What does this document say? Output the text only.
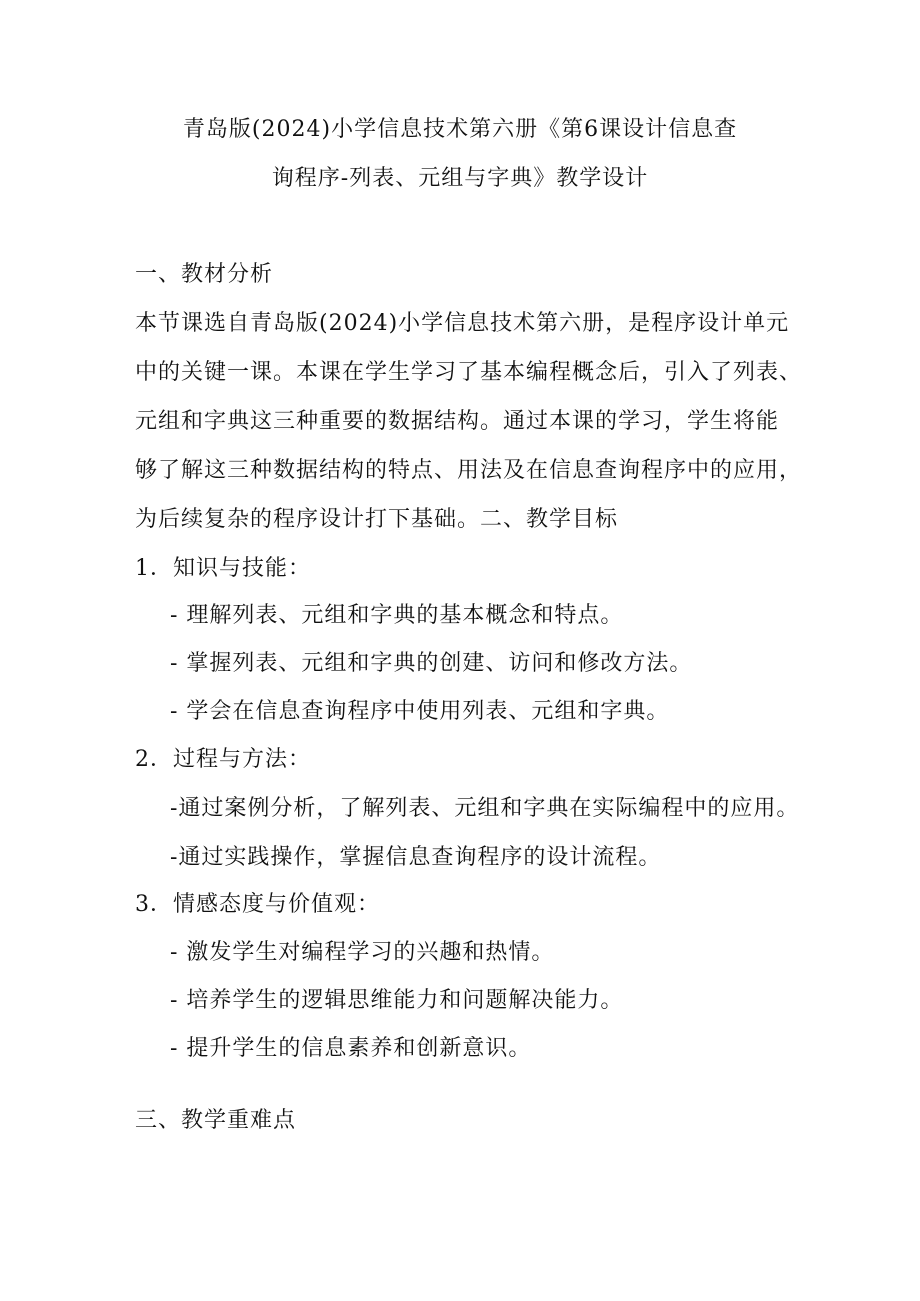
青岛版(2024)小学信息技术第六册《第6课设计信息查
询程序-列表、元组与字典》教学设计
一、教材分析
本节课选自青岛版(2024)小学信息技术第六册，是程序设计单元
中的关键一课。本课在学生学习了基本编程概念后，引入了列表、
元组和字典这三种重要的数据结构。通过本课的学习，学生将能
够了解这三种数据结构的特点、用法及在信息查询程序中的应用，
为后续复杂的程序设计打下基础。二、教学目标
1．知识与技能：
- 理解列表、元组和字典的基本概念和特点。
- 掌握列表、元组和字典的创建、访问和修改方法。
- 学会在信息查询程序中使用列表、元组和字典。
2．过程与方法：
-通过案例分析，了解列表、元组和字典在实际编程中的应用。
-通过实践操作，掌握信息查询程序的设计流程。
3．情感态度与价值观：
- 激发学生对编程学习的兴趣和热情。
- 培养学生的逻辑思维能力和问题解决能力。
- 提升学生的信息素养和创新意识。
三、教学重难点
